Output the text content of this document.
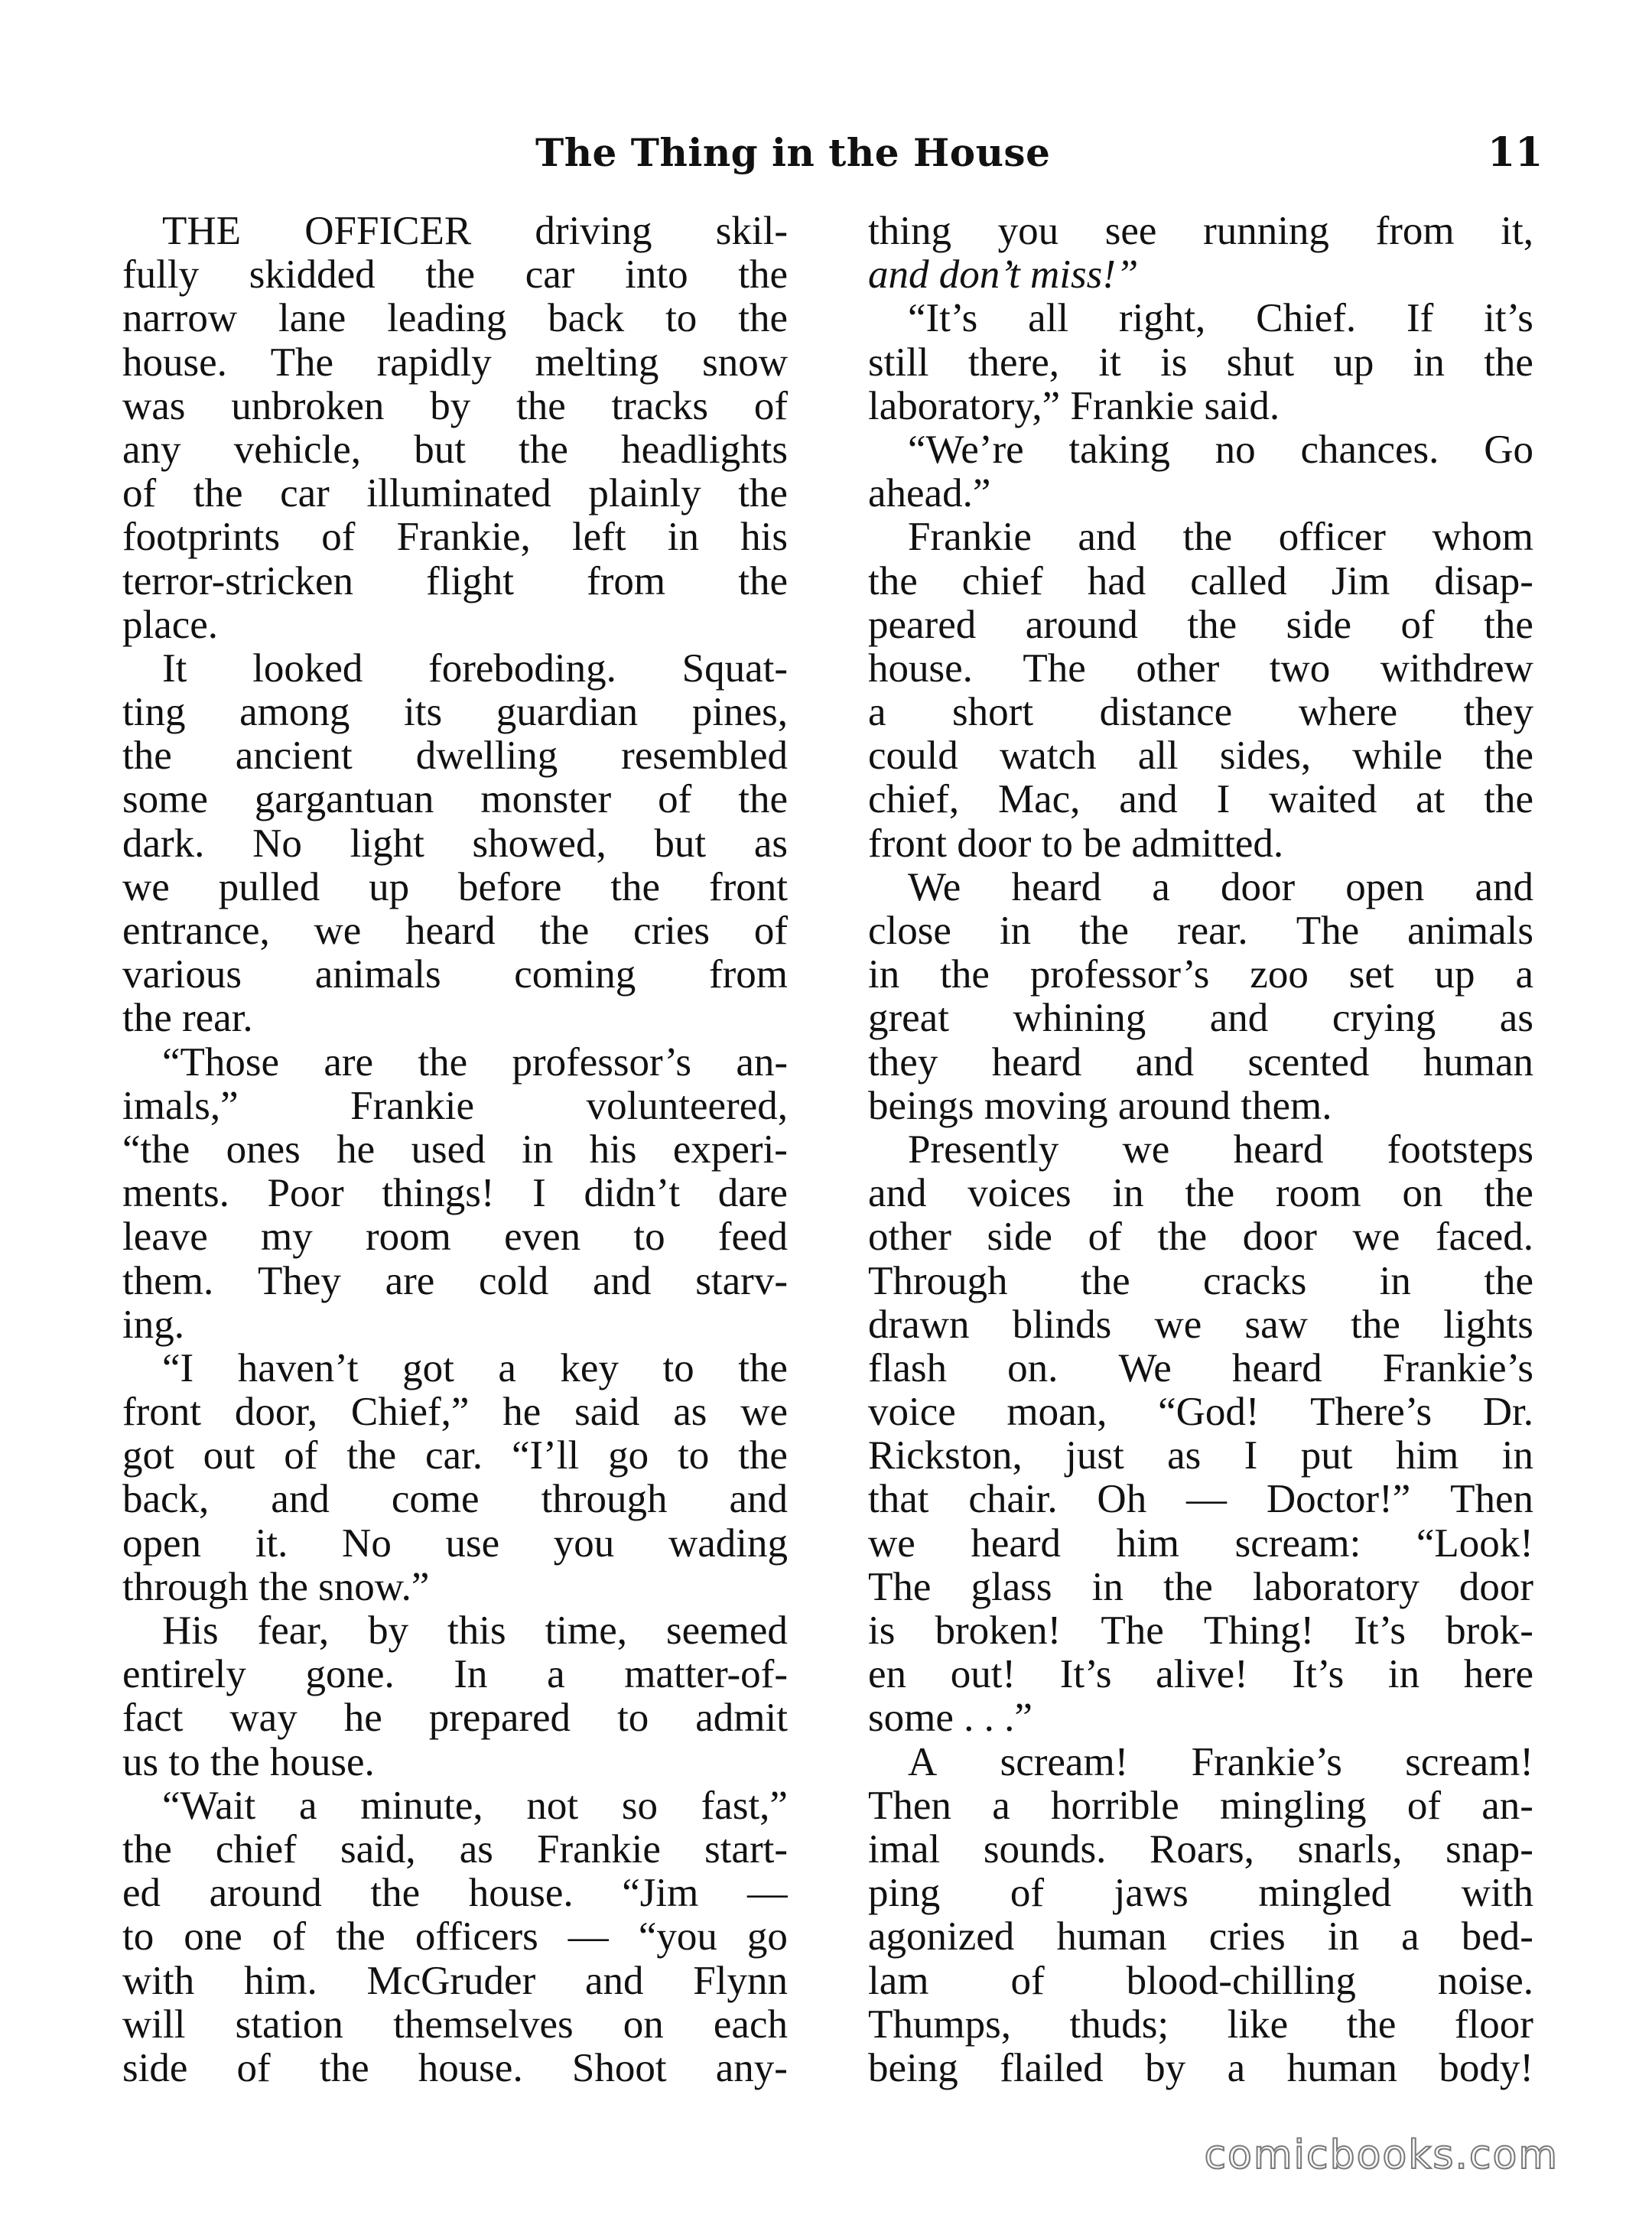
The Thing in the House	11
THE OFFICER driving skil-
fully skidded the car into the
narrow lane leading back to the
house. The rapidly melting snow
was unbroken by the tracks of
any vehicle, but the headlights
of the car illuminated plainly the
footprints of Frankie, left in his
terror-stricken flight from the
place.
It looked foreboding. Squat-
ting among its guardian pines,
the ancient dwelling resembled
some gargantuan monster of the
dark. No light showed, but as
we pulled up before the front
entrance, we heard the cries of
various animals coming from
the rear.
“Those are the professor’s an-
imals,”	Frankie	volunteered,
“the ones he used in his experi-
ments. Poor things! I didn’t dare
leave my room even to feed
them. They are cold and starv-
ing.
“I haven’t got a key to the
front door, Chief,” he said as we
got out of the car. “I’ll go to the
back, and come through and
open it. No use you wading
through the snow.”
His fear, by this time, seemed
entirely gone. In a matter-of-
fact way he prepared to admit
us to the house.
“Wait a minute, not so fast,”
the chief said, as Frankie start-
ed around the house. “Jim —
to one of the officers — “you go
with him. McGruder and Flynn
will station themselves on each
side of the house. Shoot any-
thing you see running from it,
and don’t miss!”
“It’s all right, Chief. If it’s
still there, it is shut up in the
laboratory,” Frankie said.
“We’re taking no chances. Go
ahead.”
Frankie and the officer whom
the chief had called Jim disap-
peared around the side of the
house. The other two withdrew
a short distance where they
could watch all sides, while the
chief, Mac, and I waited at the
front door to be admitted.
We heard a door open and
close in the rear. The animals
in the professor’s zoo set up a
great whining and crying as
they heard and scented human
beings moving around them.
Presently we heard footsteps
and voices in the room on the
other side of the door we faced.
Through the cracks in the
drawn blinds we saw the lights
flash on. We heard Frankie’s
voice moan, “God! There’s Dr.
Rickston, just as I put him in
that chair. Oh — Doctor!” Then
we heard him scream: “Look!
The glass in the laboratory door
is broken! The Thing! It’s brok-
en out! It’s alive! It’s in here
some . . .”
A scream! Frankie’s scream!
Then a horrible mingling of an-
imal sounds. Roars, snarls, snap-
ping of jaws mingled with
agonized human cries in a bed-
lam of blood-chilling noise.
Thumps, thuds; like the floor
being flailed by a human body!
comicbooks.com
